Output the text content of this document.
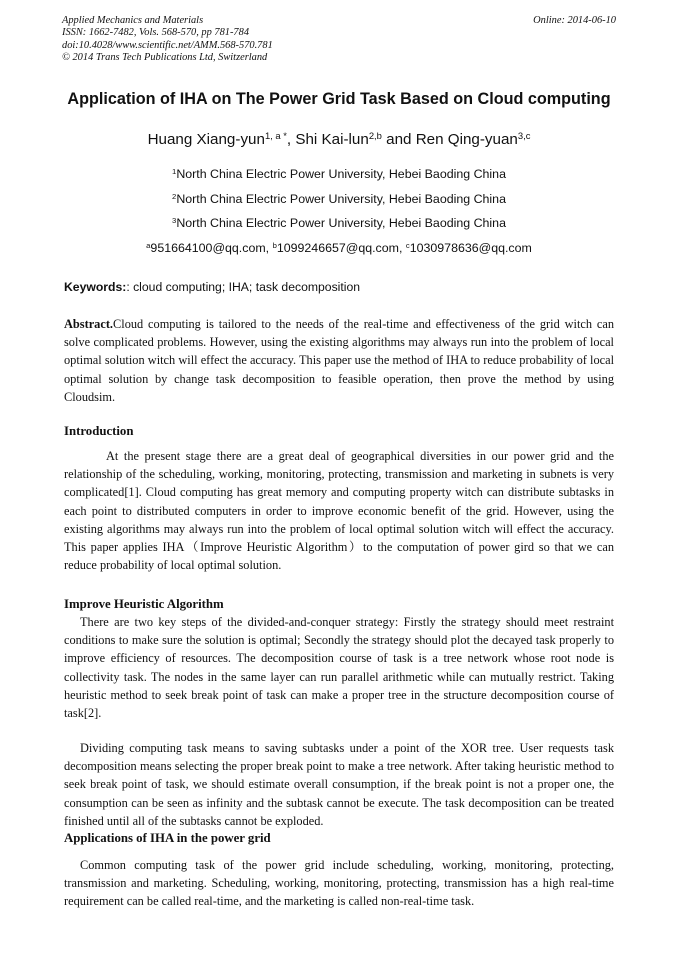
Applied Mechanics and Materials
ISSN: 1662-7482, Vols. 568-570, pp 781-784
doi:10.4028/www.scientific.net/AMM.568-570.781
© 2014 Trans Tech Publications Ltd, Switzerland
Online: 2014-06-10
Application of IHA on The Power Grid Task Based on Cloud computing
Huang Xiang-yun$^{1, a *}$, Shi Kai-lun$^{2,b}$ and Ren Qing-yuan$^{3,c}$
$^1$North China Electric Power University, Hebei Baoding China
$^2$North China Electric Power University, Hebei Baoding China
$^3$North China Electric Power University, Hebei Baoding China
$^a$951664100@qq.com, $^b$1099246657@qq.com, $^c$1030978636@qq.com
Keywords:: cloud computing; IHA; task decomposition

Abstract.Cloud computing is tailored to the needs of the real-time and effectiveness of the grid witch can solve complicated problems. However, using the existing algorithms may always run into the problem of local optimal solution witch will effect the accuracy. This paper use the method of IHA to reduce probability of local optimal solution by change task decomposition to feasible operation, then prove the method by using Cloudsim.

Introduction

At the present stage there are a great deal of geographical diversities in our power grid and the relationship of the scheduling, working, monitoring, protecting, transmission and marketing in subnets is very complicated[1]. Cloud computing has great memory and computing property witch can distribute subtasks in each point to distributed computers in order to improve economic benefit of the grid. However, using the existing algorithms may always run into the problem of local optimal solution witch will effect the accuracy. This paper applies IHA（Improve Heuristic Algorithm）to the computation of power gird so that we can reduce probability of local optimal solution.

Improve Heuristic Algorithm

There are two key steps of the divided-and-conquer strategy: Firstly the strategy should meet restraint conditions to make sure the solution is optimal; Secondly the strategy should plot the decayed task properly to improve efficiency of resources. The decomposition course of task is a tree network whose root node is collectivity task. The nodes in the same layer can run parallel arithmetic while can mutually restrict. Taking heuristic method to seek break point of task can make a proper tree in the structure decomposition course of task[2].

Dividing computing task means to saving subtasks under a point of the XOR tree. User requests task decomposition means selecting the proper break point to make a tree network. After taking heuristic method to seek break point of task, we should estimate overall consumption, if the break point is not a proper one, the consumption can be seen as infinity and the subtask cannot be execute. The task decomposition can be treated finished until all of the subtasks cannot be exploded.

Applications of IHA in the power grid

Common computing task of the power grid include scheduling, working, monitoring, protecting, transmission and marketing. Scheduling, working, monitoring, protecting, transmission has a high real-time requirement can be called real-time, and the marketing is called non-real-time task.
